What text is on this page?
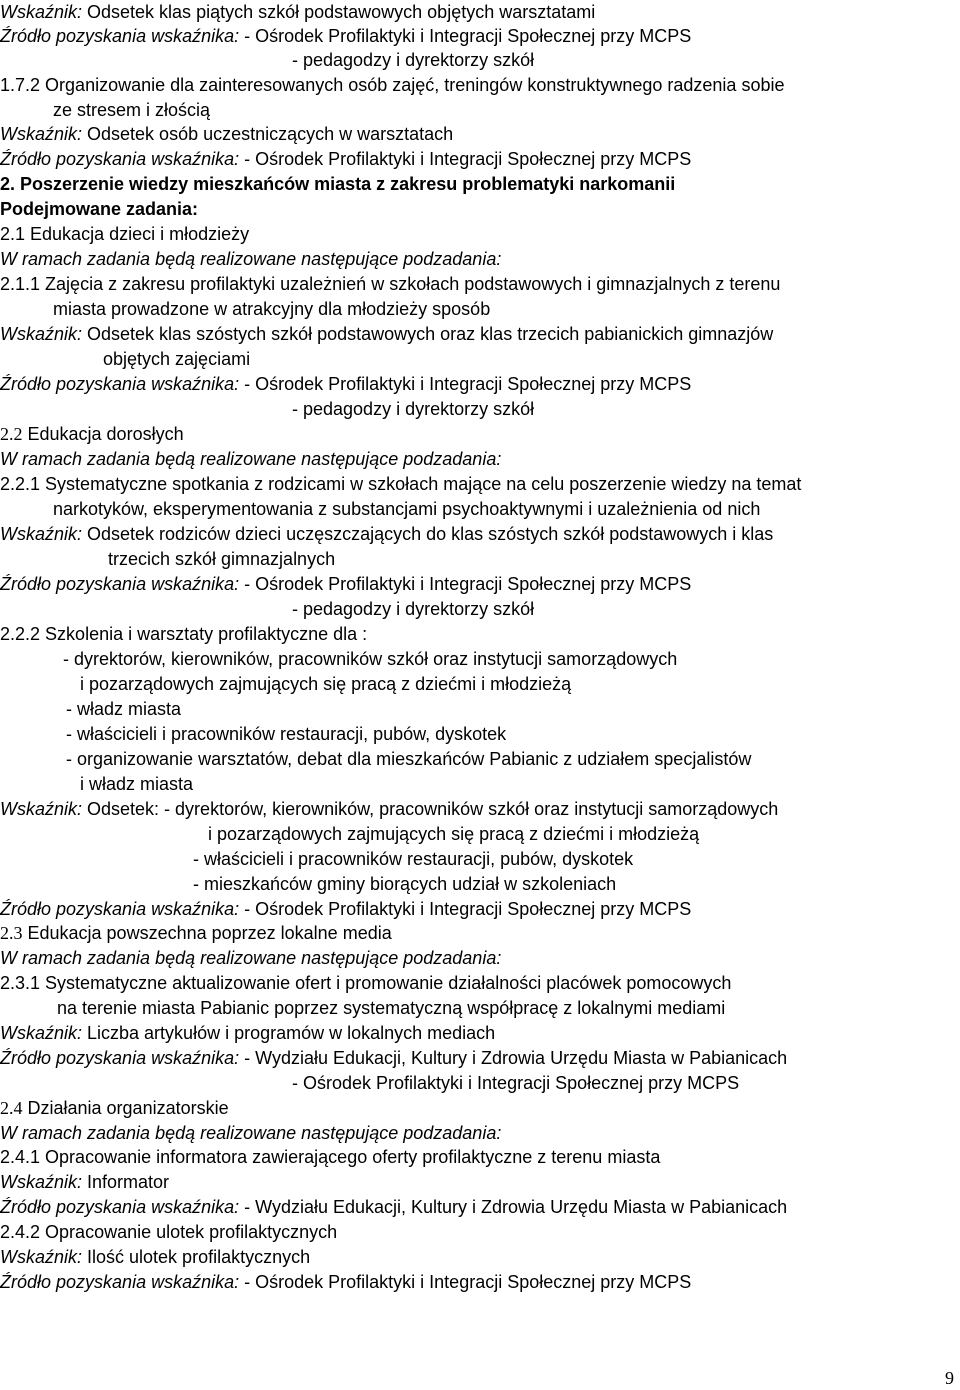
Wskaźnik: Odsetek klas piątych szkół podstawowych objętych warsztatami
Źródło pozyskania wskaźnika: - Ośrodek Profilaktyki i Integracji Społecznej przy MCPS
- pedagodzy i dyrektorzy szkół
1.7.2 Organizowanie dla zainteresowanych osób zajęć, treningów konstruktywnego radzenia sobie
ze stresem i złością
Wskaźnik: Odsetek osób uczestniczących w warsztatach
Źródło pozyskania wskaźnika: - Ośrodek Profilaktyki i Integracji Społecznej przy MCPS
2. Poszerzenie wiedzy mieszkańców miasta z zakresu problematyki narkomanii
Podejmowane zadania:
2.1 Edukacja dzieci i młodzieży
W ramach zadania będą realizowane następujące podzadania:
2.1.1 Zajęcia z zakresu profilaktyki uzależnień w szkołach podstawowych i gimnazjalnych z terenu
miasta prowadzone w atrakcyjny dla młodzieży sposób
Wskaźnik: Odsetek klas szóstych szkół podstawowych oraz klas trzecich pabianickich gimnazjów
objętych zajęciami
Źródło pozyskania wskaźnika: - Ośrodek Profilaktyki i Integracji Społecznej przy MCPS
- pedagodzy i dyrektorzy szkół
2.2 Edukacja dorosłych
W ramach zadania będą realizowane następujące podzadania:
2.2.1 Systematyczne spotkania z rodzicami w szkołach mające na celu poszerzenie wiedzy na temat
narkotyków, eksperymentowania z substancjami psychoaktywnymi i uzależnienia od nich
Wskaźnik: Odsetek rodziców dzieci uczęszczających do klas szóstych szkół podstawowych i klas
trzecich szkół gimnazjalnych
Źródło pozyskania wskaźnika: - Ośrodek Profilaktyki i Integracji Społecznej przy MCPS
- pedagodzy i dyrektorzy szkół
2.2.2 Szkolenia i warsztaty profilaktyczne dla :
- dyrektorów, kierowników, pracowników szkół oraz instytucji samorządowych
i pozarządowych zajmujących się pracą z dziećmi i młodzieżą
- władz miasta
- właścicieli i pracowników restauracji, pubów, dyskotek
- organizowanie warsztatów, debat dla mieszkańców Pabianic z udziałem specjalistów
i władz miasta
Wskaźnik: Odsetek: - dyrektorów, kierowników, pracowników szkół oraz instytucji samorządowych
i pozarządowych zajmujących się pracą z dziećmi i młodzieżą
- właścicieli i pracowników restauracji, pubów, dyskotek
- mieszkańców gminy biorących udział w szkoleniach
Źródło pozyskania wskaźnika: - Ośrodek Profilaktyki i Integracji Społecznej przy MCPS
2.3 Edukacja powszechna poprzez lokalne media
W ramach zadania będą realizowane następujące podzadania:
2.3.1 Systematyczne aktualizowanie ofert i promowanie działalności placówek pomocowych
na terenie miasta Pabianic poprzez systematyczną współpracę z lokalnymi mediami
Wskaźnik: Liczba artykułów i programów w lokalnych mediach
Źródło pozyskania wskaźnika: - Wydziału Edukacji, Kultury i Zdrowia Urzędu Miasta w Pabianicach
- Ośrodek Profilaktyki i Integracji Społecznej przy MCPS
2.4 Działania organizatorskie
W ramach zadania będą realizowane następujące podzadania:
2.4.1 Opracowanie informatora zawierającego oferty profilaktyczne z terenu miasta
Wskaźnik: Informator
Źródło pozyskania wskaźnika: - Wydziału Edukacji, Kultury i Zdrowia Urzędu Miasta w Pabianicach
2.4.2 Opracowanie ulotek profilaktycznych
Wskaźnik: Ilość ulotek profilaktycznych
Źródło pozyskania wskaźnika: - Ośrodek Profilaktyki i Integracji Społecznej przy MCPS
9
